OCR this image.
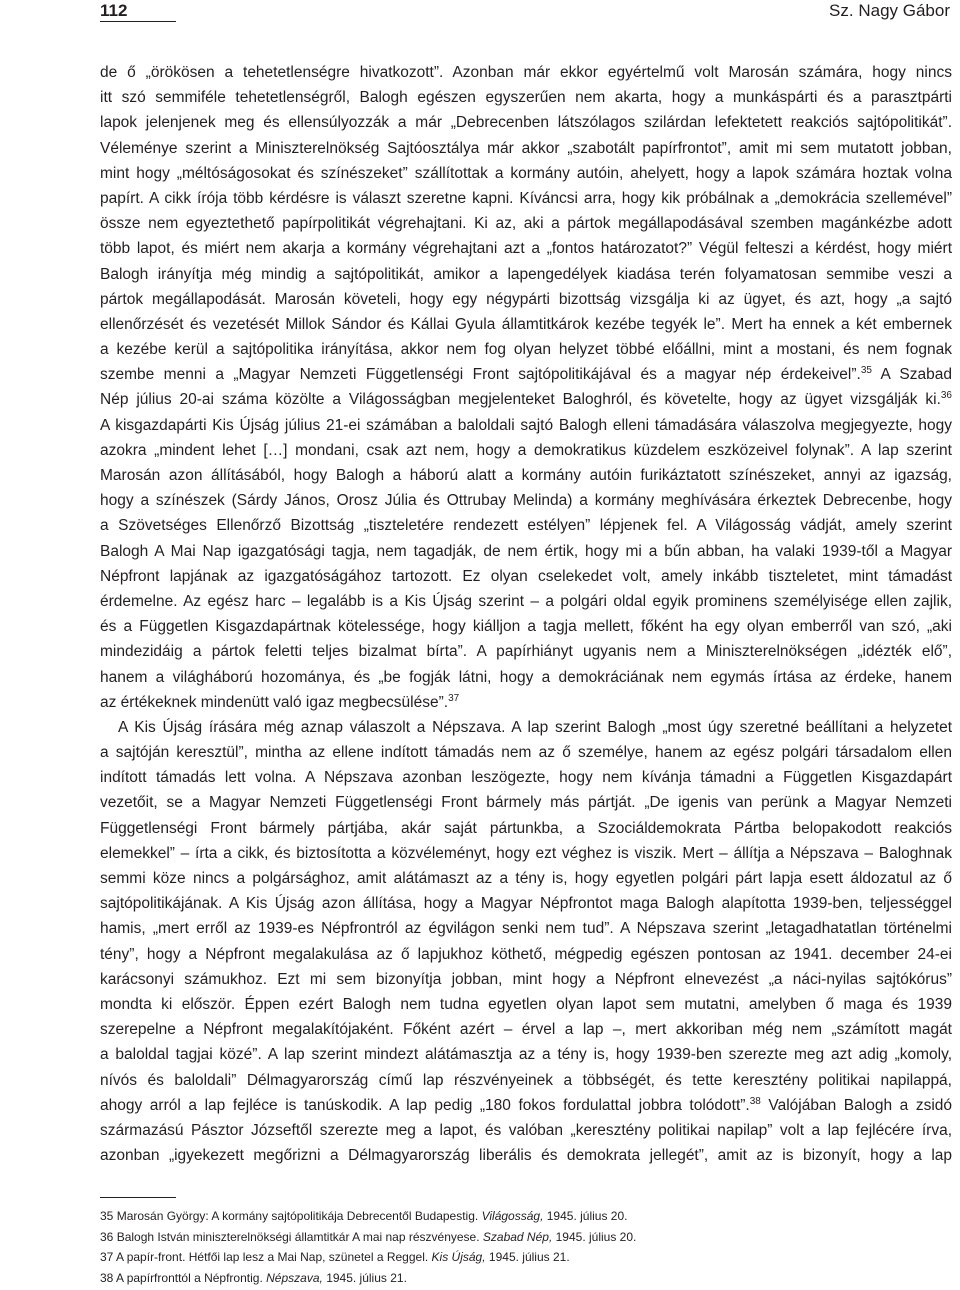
112	Sz. Nagy Gábor
de ő „örökösen a tehetetlenségre hivatkozott”. Azonban már ekkor egyértelmű volt Marosán számára, hogy nincs
itt szó semmiféle tehetetlenségről, Balogh egészen egyszerűen nem akarta, hogy a munkáspárti és a parasztpárti
lapok jelenjenek meg és ellensúlyozzák a már „Debrecenben látszólagos szilárdan lefektetett reakciós sajtópolitikát”.
Véleménye szerint a Miniszterelnökség Sajtóosztálya már akkor „szabotált papírfrontot”, amit mi sem mutatott jobban,
mint hogy „méltóságosokat és színészeket” szállítottak a kormány autóin, ahelyett, hogy a lapok számára hoztak volna
papírt. A cikk írója több kérdésre is választ szeretne kapni. Kíváncsi arra, hogy kik próbálnak a „demokrácia szellemével”
össze nem egyeztethető papírpolitikát végrehajtani. Ki az, aki a pártok megállapodásával szemben magánkézbe adott
több lapot, és miért nem akarja a kormány végrehajtani azt a „fontos határozatot?” Végül felteszi a kérdést, hogy miért
Balogh irányítja még mindig a sajtópolitikát, amikor a lapengedélyek kiadása terén folyamatosan semmibe veszi a
pártok megállapodását. Marosán követeli, hogy egy négypárti bizottság vizsgálja ki az ügyet, és azt, hogy „a sajtó
ellenőrzését és vezetését Millok Sándor és Kállai Gyula államtitkárok kezébe tegyék le”. Mert ha ennek a két embernek
a kezébe kerül a sajtópolitika irányítása, akkor nem fog olyan helyzet többé előállni, mint a mostani, és nem fognak
szembe menni a „Magyar Nemzeti Függetlenségi Front sajtópolitikájával és a magyar nép érdekeivel”.$^{35}$ A Szabad
Nép július 20-ai száma közölte a Világosságban megjelenteket Baloghról, és követelte, hogy az ügyet vizsgálják ki.$^{36}$
A kisgazdapárti Kis Újság július 21-ei számában a baloldali sajtó Balogh elleni támadására válaszolva megjegyezte, hogy
azokra „mindent lehet […] mondani, csak azt nem, hogy a demokratikus küzdelem eszközeivel folynak”. A lap szerint
Marosán azon állításából, hogy Balogh a háború alatt a kormány autóin furikáztatott színészeket, annyi az igazság,
hogy a színészek (Sárdy János, Orosz Júlia és Ottrubay Melinda) a kormány meghívására érkeztek Debrecenbe, hogy
a Szövetséges Ellenőrző Bizottság „tiszteletére rendezett estélyen” lépjenek fel. A Világosság vádját, amely szerint
Balogh A Mai Nap igazgatósági tagja, nem tagadják, de nem értik, hogy mi a bűn abban, ha valaki 1939-től a Magyar
Népfront lapjának az igazgatóságához tartozott. Ez olyan cselekedet volt, amely inkább tiszteletet, mint támadást
érdemelne. Az egész harc – legalább is a Kis Újság szerint – a polgári oldal egyik prominens személyisége ellen zajlik,
és a Független Kisgazdapártnak kötelessége, hogy kiálljon a tagja mellett, főként ha egy olyan emberről van szó, „aki
mindezidáig a pártok feletti teljes bizalmat bírta”. A papírhiányt ugyanis nem a Miniszterelnökségen „idézték elő”,
hanem a világháború hozománya, és „be fogják látni, hogy a demokráciának nem egymás írtása az érdeke, hanem
az értékeknek mindenütt való igaz megbecsülése”.$^{37}$
A Kis Újság írására még aznap válaszolt a Népszava. A lap szerint Balogh „most úgy szeretné beállítani a helyzetet
a sajtóján keresztül”, mintha az ellene indított támadás nem az ő személye, hanem az egész polgári társadalom ellen
indított támadás lett volna. A Népszava azonban leszögezte, hogy nem kívánja támadni a Független Kisgazdapárt
vezetőit, se a Magyar Nemzeti Függetlenségi Front bármely más pártját. „De igenis van perünk a Magyar Nemzeti
Függetlenségi Front bármely pártjába, akár saját pártunkba, a Szociáldemokrata Pártba belopakodott reakciós
elemekkel” – írta a cikk, és biztosította a közvéleményt, hogy ezt véghez is viszik. Mert – állítja a Népszava – Baloghnak
semmi köze nincs a polgársághoz, amit alátámaszt az a tény is, hogy egyetlen polgári párt lapja esett áldozatul az ő
sajtópolitikájának. A Kis Újság azon állítása, hogy a Magyar Népfrontot maga Balogh alapította 1939-ben, teljességgel
hamis, „mert erről az 1939-es Népfrontról az égvilágon senki nem tud”. A Népszava szerint „letagadhatatlan történelmi
tény”, hogy a Népfront megalakulása az ő lapjukhoz köthető, mégpedig egészen pontosan az 1941. december 24-ei
karácsonyi számukhoz. Ezt mi sem bizonyítja jobban, mint hogy a Népfront elnevezést „a náci-nyilas sajtókórus”
mondta ki először. Éppen ezért Balogh nem tudna egyetlen olyan lapot sem mutatni, amelyben ő maga és 1939
szerepelne a Népfront megalakítójaként. Főként azért – érvel a lap –, mert akkoriban még nem „számított magát
a baloldal tagjai közé”. A lap szerint mindezt alátámasztja az a tény is, hogy 1939-ben szerezte meg azt adig „komoly,
nívós és baloldali” Délmagyarország című lap részvényeinek a többségét, és tette keresztény politikai napilappá,
ahogy arról a lap fejléce is tanúskodik. A lap pedig „180 fokos fordulattal jobbra tolódott”.$^{38}$ Valójában Balogh a zsidó
származású Pásztor Józseftől szerezte meg a lapot, és valóban „keresztény politikai napilap” volt a lap fejlécére írva,
azonban „igyekezett megőrizni a Délmagyarország liberális és demokrata jellegét”, amit az is bizonyít, hogy a lap
35 Marosán György: A kormány sajtópolitikája Debrecentől Budapestig. Világosság, 1945. július 20.
36 Balogh István miniszterelnökségi államtitkár A mai nap részvényese. Szabad Nép, 1945. július 20.
37 A papír-front. Hétfői lap lesz a Mai Nap, szünetel a Reggel. Kis Újság, 1945. július 21.
38 A papírfronttól a Népfrontig. Népszava, 1945. július 21.
